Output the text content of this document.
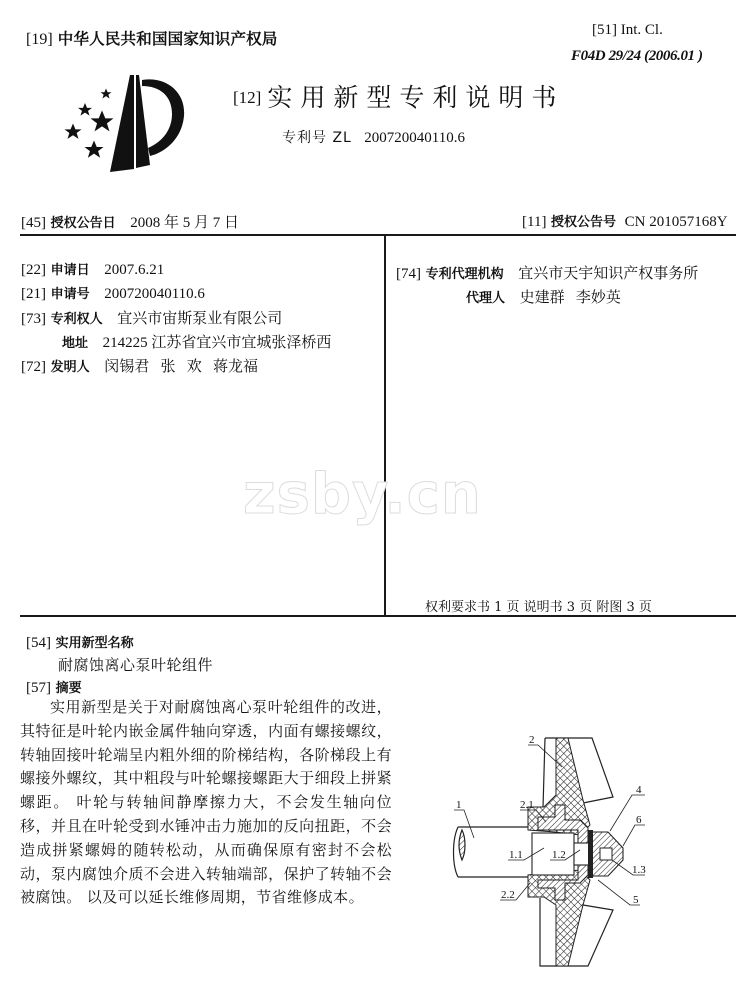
[19] 中华人民共和国国家知识产权局	[51] Int. Cl.
F04D 29/24 (2006.01 )
[12] 实用新型专利说明书
专利号 ZL 200720040110.6
[45] 授权公告日 2008 年 5 月 7 日	[11] 授权公告号 CN 201057168Y
[22] 申请日 2007.6.21
[21] 申请号 200720040110.6
[73] 专利权人 宜兴市宙斯泵业有限公司
地址 214225 江苏省宜兴市宜城张泽桥西
[72] 发明人 闵锡君   张   欢   蒋龙福
[74] 专利代理机构 宜兴市天宇知识产权事务所
代理人 史建群   李妙英
zsby.cn
权利要求书 1 页 说明书 3 页 附图 3 页
[54] 实用新型名称
耐腐蚀离心泵叶轮组件
[57] 摘要

实用新型是关于对耐腐蚀离心泵叶轮组件的改进，其特征是叶轮内嵌金属件轴向穿透，内面有螺接螺纹，转轴固接叶轮端呈内粗外细的阶梯结构，各阶梯段上有螺接外螺纹，其中粗段与叶轮螺接螺距大于细段上拼紧螺距。 叶轮与转轴间静摩擦力大，不会发生轴向位移，并且在叶轮受到水锤冲击力施加的反向扭距，不会造成拼紧螺姆的随转松动，从而确保原有密封不会松动，泵内腐蚀介质不会进入转轴端部，保护了转轴不会被腐蚀。 以及可以延长维修周期，节省维修成本。

2
2.1
1
1.1	1.2
4
6
1.3
5
2.2
